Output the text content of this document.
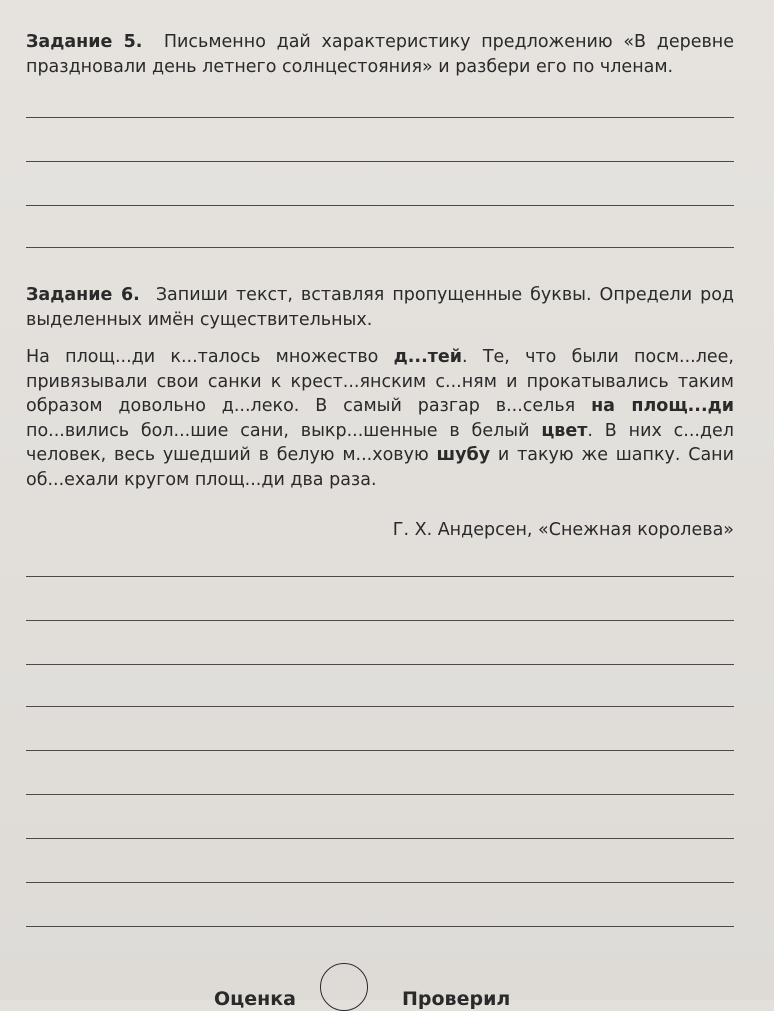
Задание 5. Письменно дай характеристику предложению «В деревне праздновали день летнего солнцестояния» и разбери его по членам.
Задание 6. Запиши текст, вставляя пропущенные буквы. Определи род выделенных имён существительных.
На площ...ди к...талось множество д...тей. Те, что были посм...лее, привязывали свои санки к крест...янским с...ням и прокатывались таким образом довольно д...леко. В самый разгар в...селья на площ...ди по...вились бол...шие сани, выкр...шенные в белый цвет. В них с...дел человек, весь ушедший в белую м...ховую шубу и такую же шапку. Сани об...ехали кругом площ...ди два раза.
Г. Х. Андерсен, «Снежная королева»
Оценка	Проверил
